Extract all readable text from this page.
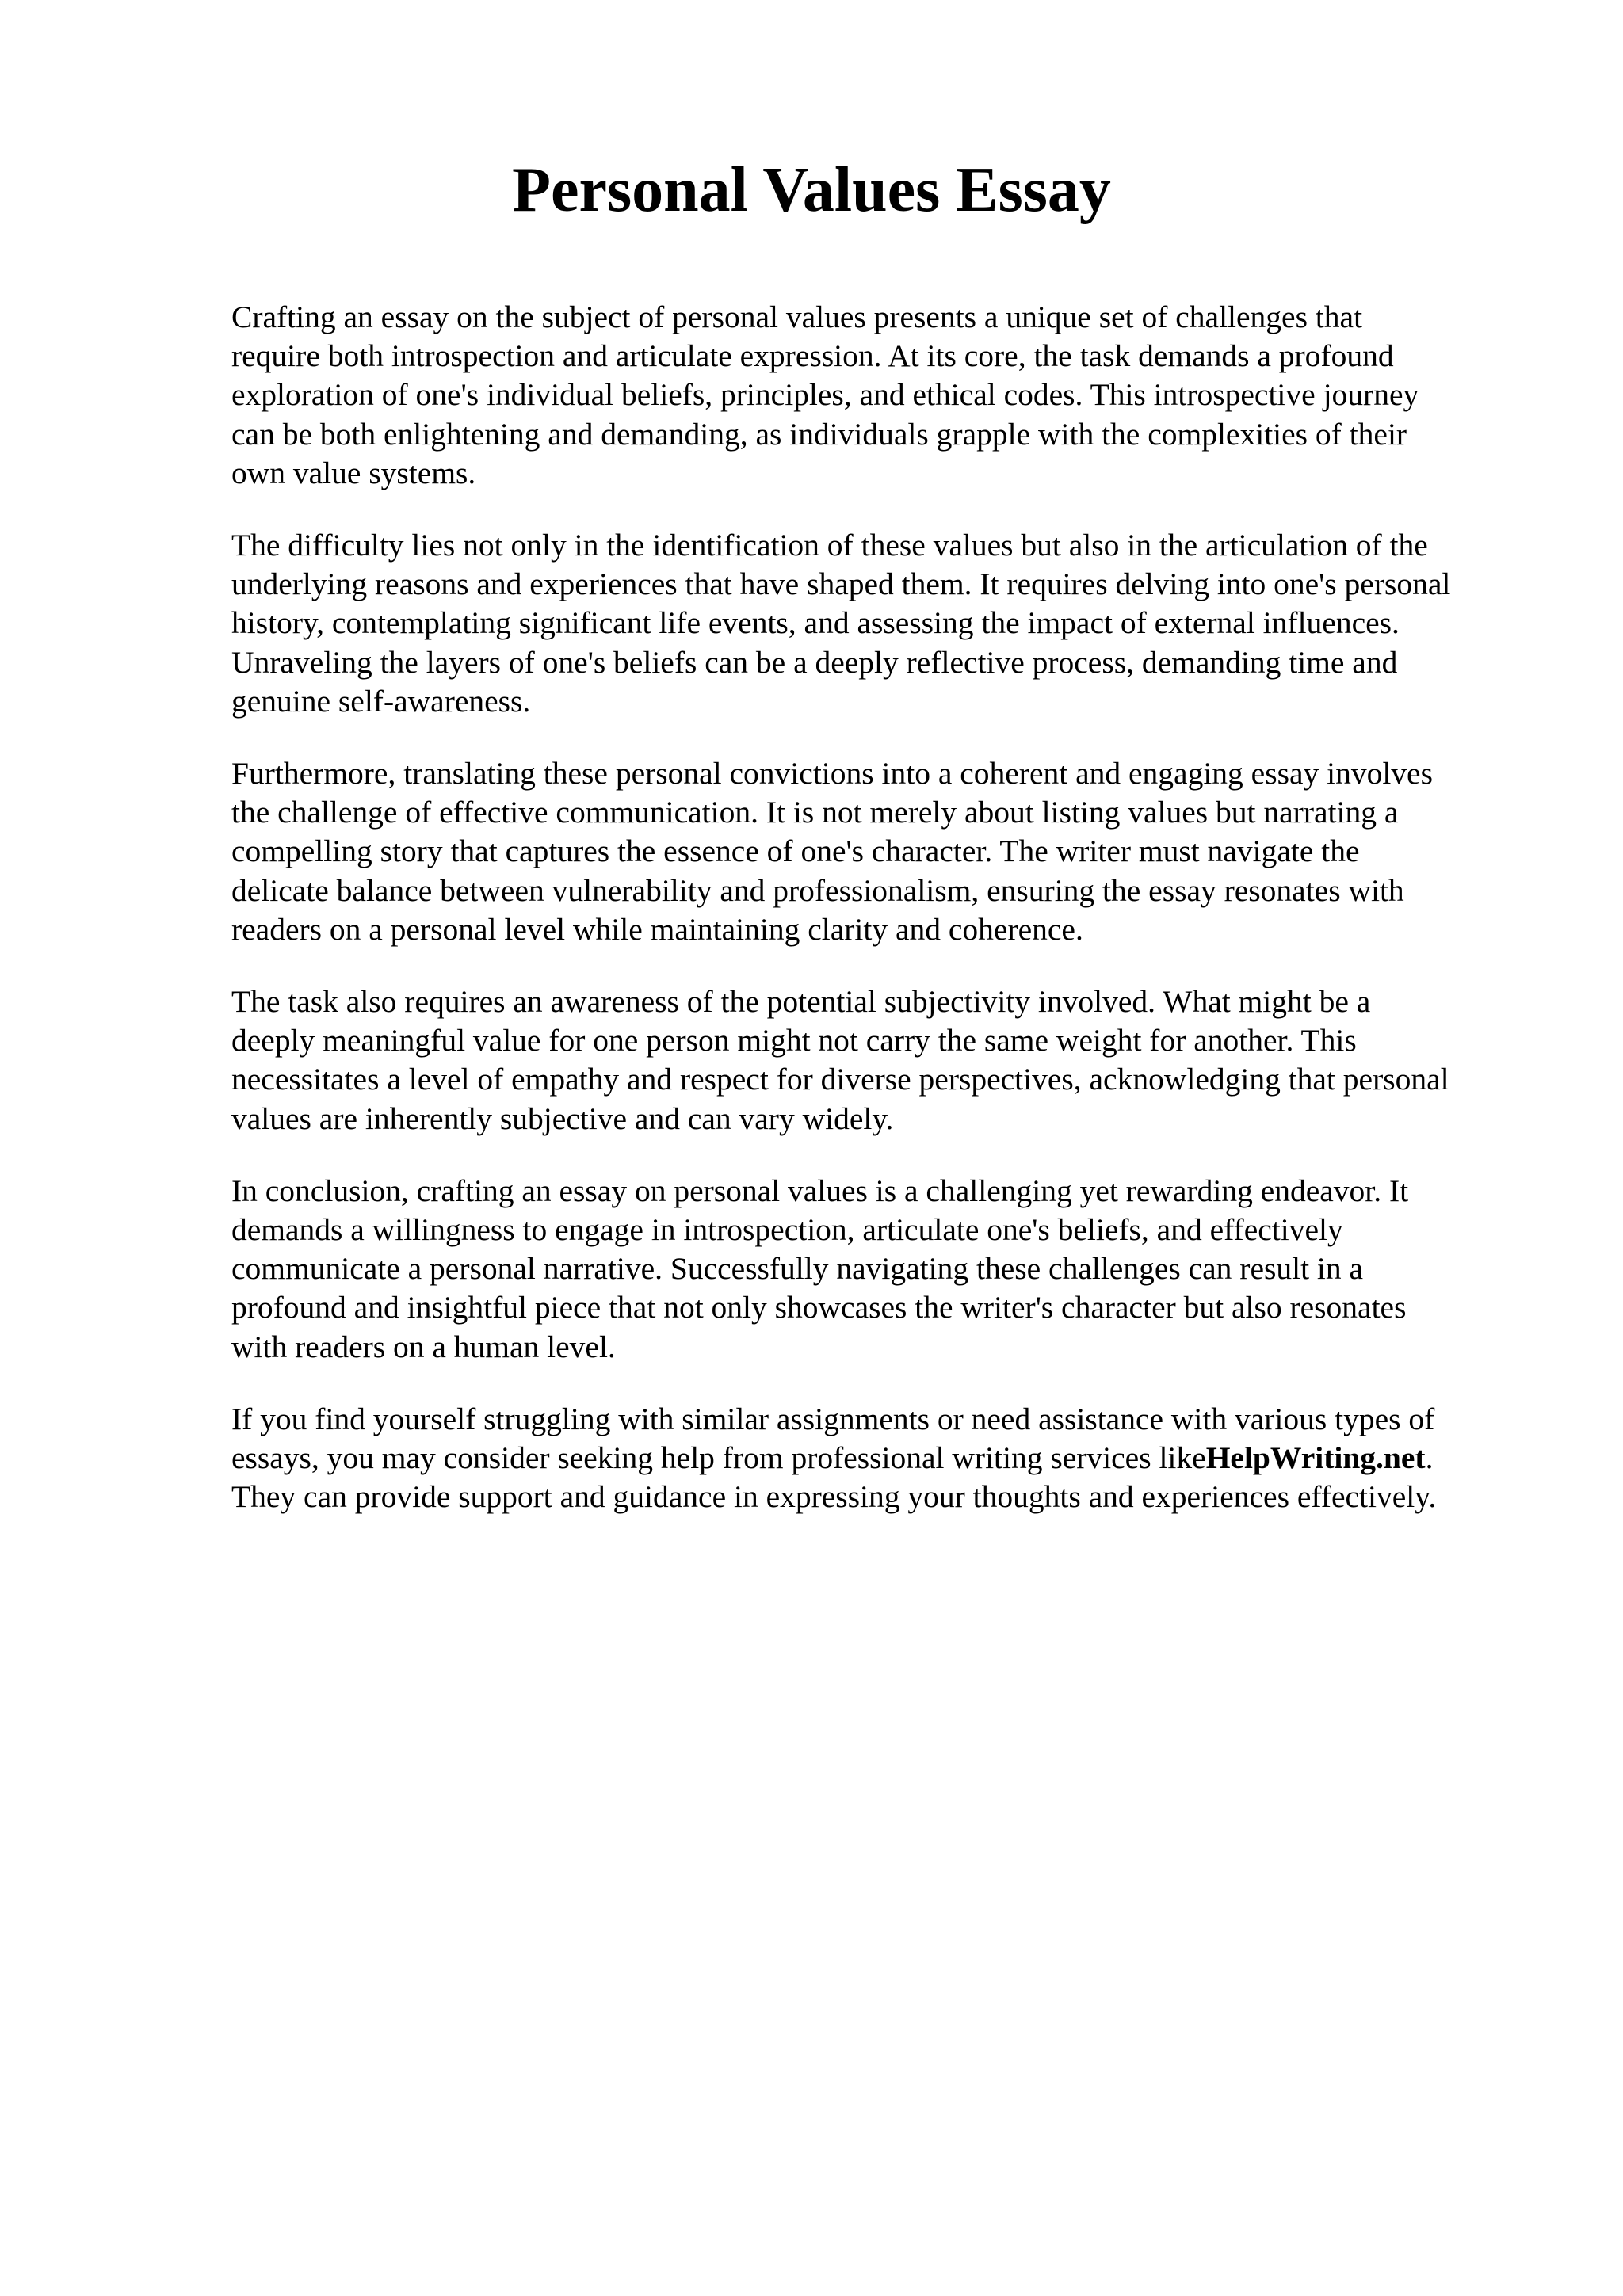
Personal Values Essay

Crafting an essay on the subject of personal values presents a unique set of challenges that
require both introspection and articulate expression. At its core, the task demands a profound
exploration of one's individual beliefs, principles, and ethical codes. This introspective journey
can be both enlightening and demanding, as individuals grapple with the complexities of their
own value systems.

The difficulty lies not only in the identification of these values but also in the articulation of the
underlying reasons and experiences that have shaped them. It requires delving into one's personal
history, contemplating significant life events, and assessing the impact of external influences.
Unraveling the layers of one's beliefs can be a deeply reflective process, demanding time and
genuine self-awareness.

Furthermore, translating these personal convictions into a coherent and engaging essay involves
the challenge of effective communication. It is not merely about listing values but narrating a
compelling story that captures the essence of one's character. The writer must navigate the
delicate balance between vulnerability and professionalism, ensuring the essay resonates with
readers on a personal level while maintaining clarity and coherence.

The task also requires an awareness of the potential subjectivity involved. What might be a
deeply meaningful value for one person might not carry the same weight for another. This
necessitates a level of empathy and respect for diverse perspectives, acknowledging that personal
values are inherently subjective and can vary widely.

In conclusion, crafting an essay on personal values is a challenging yet rewarding endeavor. It
demands a willingness to engage in introspection, articulate one's beliefs, and effectively
communicate a personal narrative. Successfully navigating these challenges can result in a
profound and insightful piece that not only showcases the writer's character but also resonates
with readers on a human level.

If you find yourself struggling with similar assignments or need assistance with various types of
essays, you may consider seeking help from professional writing services likeHelpWriting.net.
They can provide support and guidance in expressing your thoughts and experiences effectively.
